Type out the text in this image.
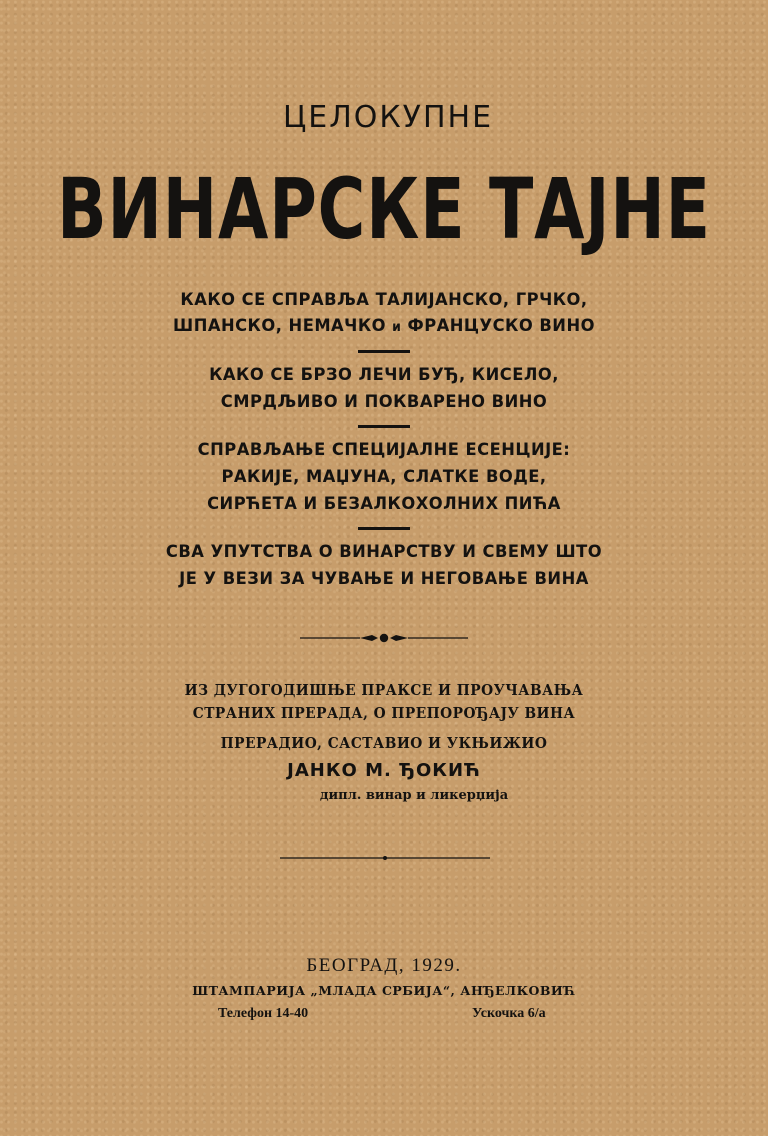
ЦЕЛОКУПНЕ
ВИНАРСКЕ ТАЈНЕ
КАКО СЕ СПРАВЉА ТАЛИЈАНСКО, ГРЧКО,
ШПАНСКО, НЕМАЧКО и ФРАНЦУСКО ВИНО
КАКО СЕ БРЗО ЛЕЧИ БУЂ, КИСЕЛО,
СМРДЉИВО И ПОКВАРЕНО ВИНО
СПРАВЉАЊЕ СПЕЦИЈАЛНЕ ЕСЕНЦИЈЕ:
РАКИЈЕ, МАЏУНА, СЛАТКЕ ВОДЕ,
СИРЋЕТА И БЕЗАЛКОХОЛНИХ ПИЋА
СВА УПУТСТВА О ВИНАРСТВУ И СВЕМУ ШТО
ЈЕ У ВЕЗИ ЗА ЧУВАЊЕ И НЕГОВАЊЕ ВИНА
ИЗ ДУГОГОДИШЊЕ ПРАКСЕ И ПРОУЧАВАЊА
СТРАНИХ ПРЕРАДА, О ПРЕПОРОЂАЈУ ВИНА
ПРЕРАДИО, САСТАВИО И УКЊИЖИО
ЈАНКО М. ЂОКИЋ
дипл. винар и ликерџија
БЕОГРАД, 1929.
ШТАМПАРИЈА „МЛАДА СРБИЈА“, АНЂЕЛКОВИЋ
Телефон 14-40	Ускочка 6/а
